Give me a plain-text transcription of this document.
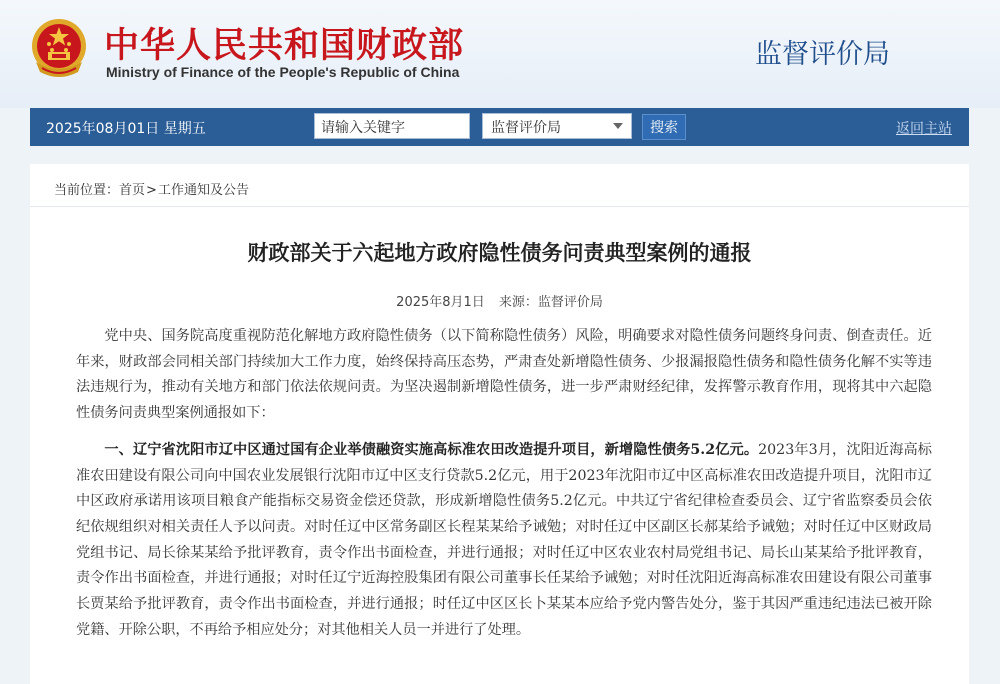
中华人民共和国财政部
Ministry of Finance of the People's Republic of China
监督评价局
2025年08月01日 星期五	请输入关键字	监督评价局	搜索	返回主站
当前位置：首页>工作通知及公告
财政部关于六起地方政府隐性债务问责典型案例的通报
2025年8月1日 来源：监督评价局

党中央、国务院高度重视防范化解地方政府隐性债务（以下简称隐性债务）风险，明确要求对隐性债务问题终身问责、倒查责任。近年来，财政部会同相关部门持续加大工作力度，始终保持高压态势，严肃查处新增隐性债务、少报漏报隐性债务和隐性债务化解不实等违法违规行为，推动有关地方和部门依法依规问责。为坚决遏制新增隐性债务，进一步严肃财经纪律，发挥警示教育作用，现将其中六起隐性债务问责典型案例通报如下：

一、辽宁省沈阳市辽中区通过国有企业举债融资实施高标准农田改造提升项目，新增隐性债务5.2亿元。2023年3月，沈阳近海高标准农田建设有限公司向中国农业发展银行沈阳市辽中区支行贷款5.2亿元，用于2023年沈阳市辽中区高标准农田改造提升项目，沈阳市辽中区政府承诺用该项目粮食产能指标交易资金偿还贷款，形成新增隐性债务5.2亿元。中共辽宁省纪律检查委员会、辽宁省监察委员会依纪依规组织对相关责任人予以问责。对时任辽中区常务副区长程某某给予诫勉；对时任辽中区副区长郝某给予诫勉；对时任辽中区财政局党组书记、局长徐某某给予批评教育，责令作出书面检查，并进行通报；对时任辽中区农业农村局党组书记、局长山某某给予批评教育，责令作出书面检查，并进行通报；对时任辽宁近海控股集团有限公司董事长任某给予诫勉；对时任沈阳近海高标准农田建设有限公司董事长贾某给予批评教育，责令作出书面检查，并进行通报；时任辽中区区长卜某某本应给予党内警告处分，鉴于其因严重违纪违法已被开除党籍、开除公职，不再给予相应处分；对其他相关人员一并进行了处理。
